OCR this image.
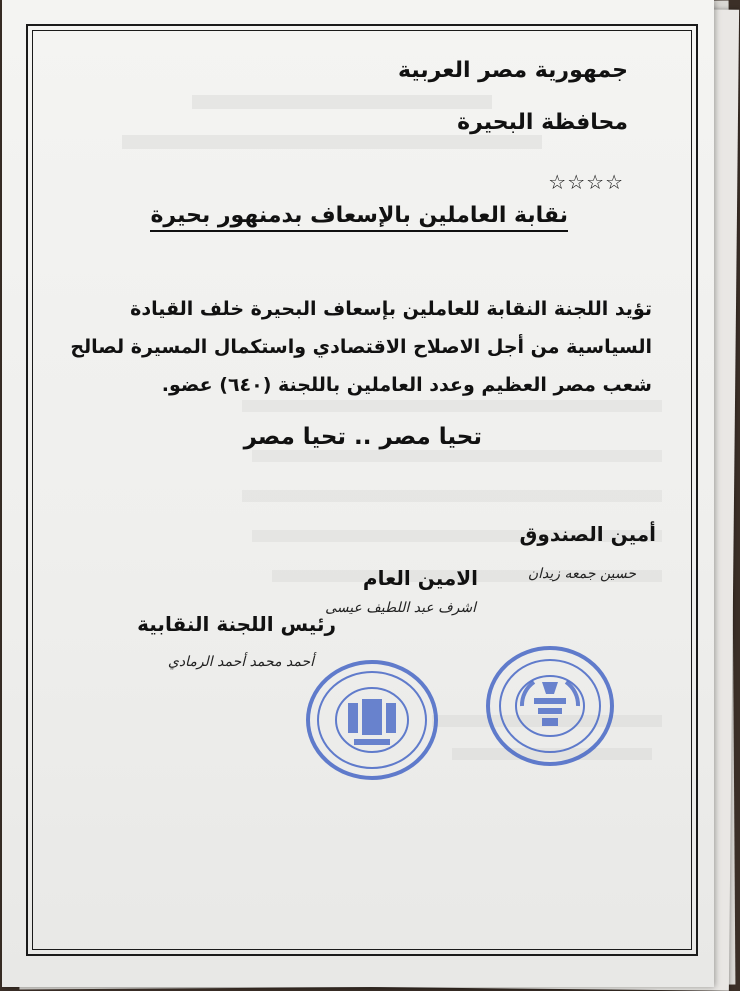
جمهورية مصر العربية
محافظة البحيرة
☆☆☆☆
نقابة العاملين بالإسعاف بدمنهور بحيرة
تؤيد اللجنة النقابة للعاملين بإسعاف البحيرة خلف القيادة
السياسية من أجل الاصلاح الاقتصادي واستكمال المسيرة لصالح
شعب مصر العظيم وعدد العاملين باللجنة (٦٤٠) عضو.
تحيا مصر .. تحيا مصر
أمين الصندوق
حسين جمعه زيدان
الامين العام
اشرف عبد اللطيف عيسى
رئيس اللجنة النقابية
أحمد محمد أحمد الرمادي
